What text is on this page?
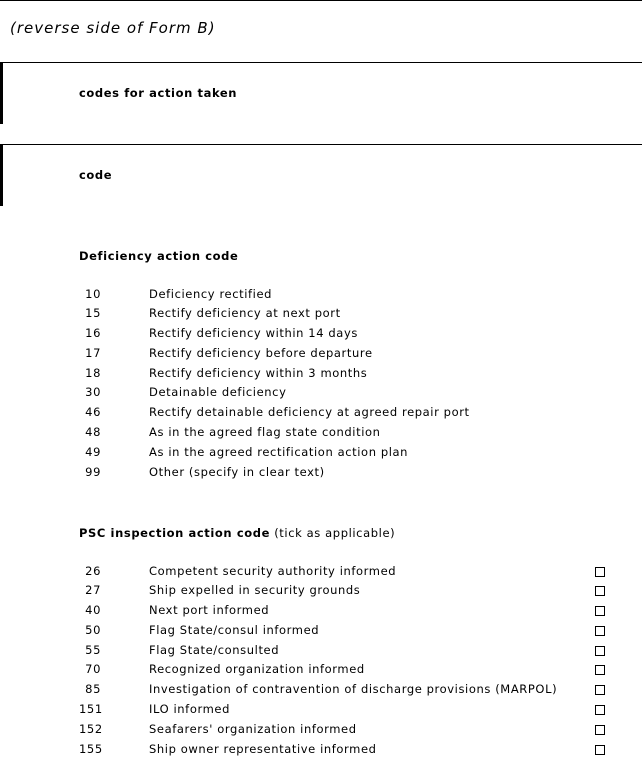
(reverse side of Form B)
codes for action taken
code
Deficiency action code
10	Deficiency rectified
15	Rectify deficiency at next port
16	Rectify deficiency within 14 days
17	Rectify deficiency before departure
18	Rectify deficiency within 3 months
30	Detainable deficiency
46	Rectify detainable deficiency at agreed repair port
48	As in the agreed flag state condition
49	As in the agreed rectification action plan
99	Other (specify in clear text)
PSC inspection action code (tick as applicable)
26	Competent security authority informed
27	Ship expelled in security grounds
40	Next port informed
50	Flag State/consul informed
55	Flag State/consulted
70	Recognized organization informed
85	Investigation of contravention of discharge provisions (MARPOL)
151	ILO informed
152	Seafarers' organization informed
155	Ship owner representative informed
